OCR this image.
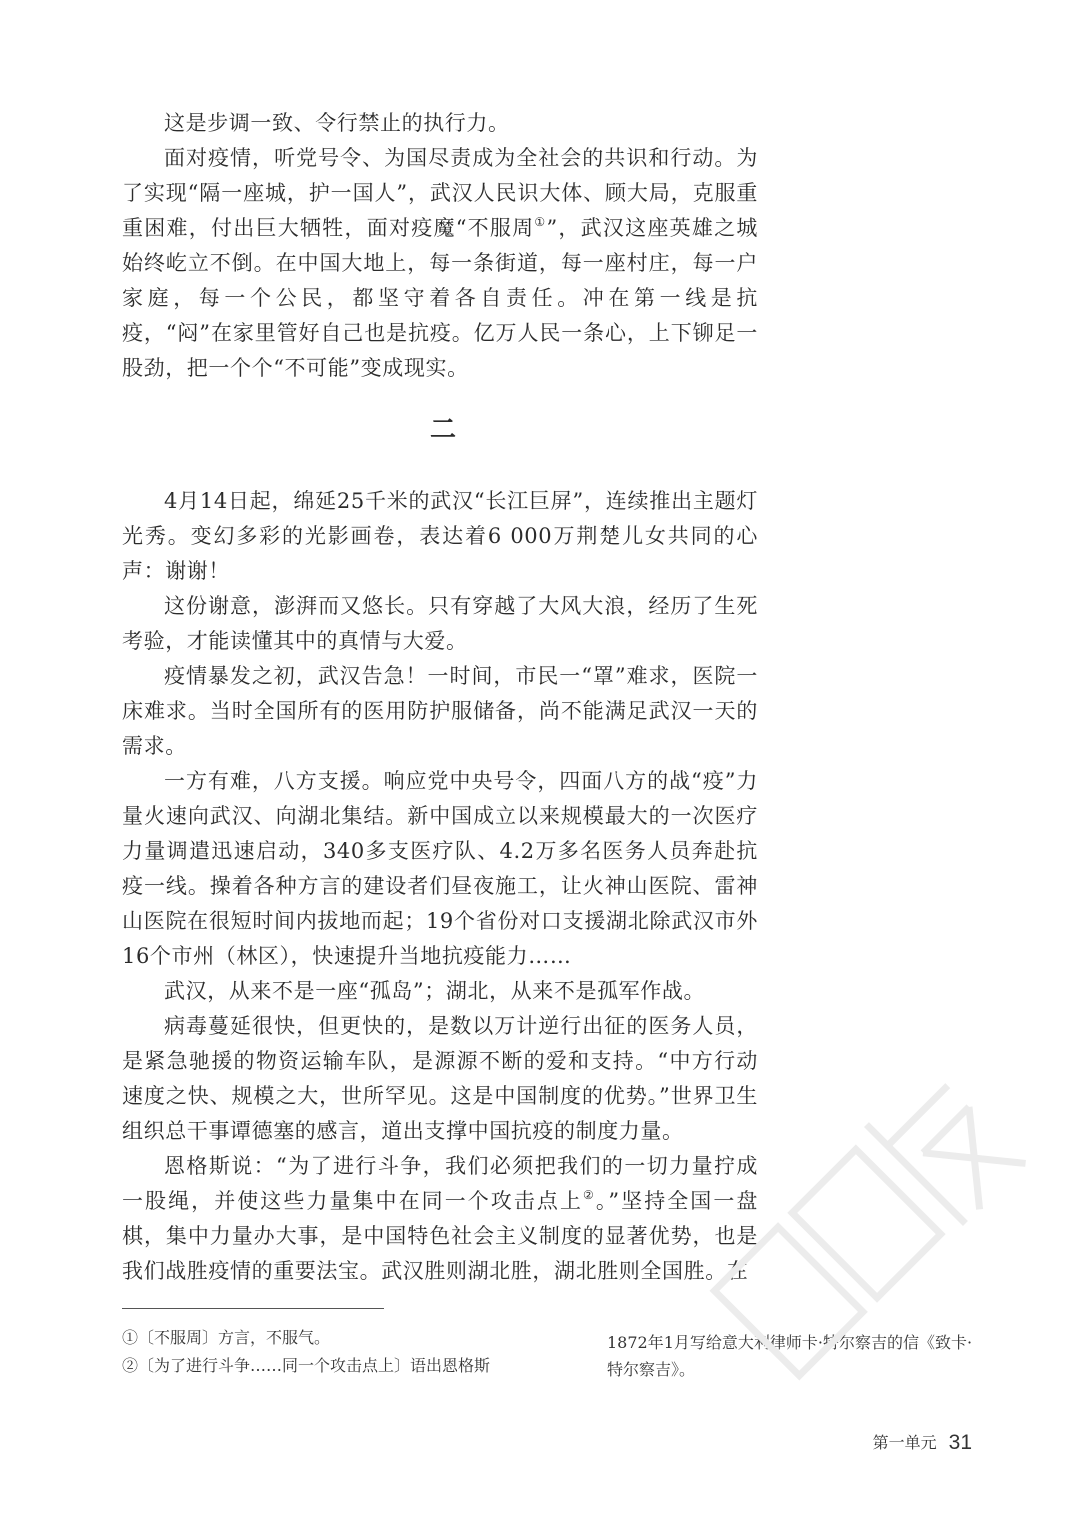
这是步调一致、令行禁止的执行力。

面对疫情，听党号令、为国尽责成为全社会的共识和行动。为了实现“隔一座城，护一国人”，武汉人民识大体、顾大局，克服重重困难，付出巨大牺牲，面对疫魔“不服周①”，武汉这座英雄之城始终屹立不倒。在中国大地上，每一条街道，每一座村庄，每一户家庭，每一个公民，都坚守着各自责任。冲在第一线是抗疫，“闷”在家里管好自己也是抗疫。亿万人民一条心，上下铆足一股劲，把一个个“不可能”变成现实。

二

4月14日起，绵延25千米的武汉“长江巨屏”，连续推出主题灯光秀。变幻多彩的光影画卷，表达着6 000万荆楚儿女共同的心声：谢谢！

这份谢意，澎湃而又悠长。只有穿越了大风大浪，经历了生死考验，才能读懂其中的真情与大爱。

疫情暴发之初，武汉告急！一时间，市民一“罩”难求，医院一床难求。当时全国所有的医用防护服储备，尚不能满足武汉一天的需求。

一方有难，八方支援。响应党中央号令，四面八方的战“疫”力量火速向武汉、向湖北集结。新中国成立以来规模最大的一次医疗力量调遣迅速启动，340多支医疗队、4.2万多名医务人员奔赴抗疫一线。操着各种方言的建设者们昼夜施工，让火神山医院、雷神山医院在很短时间内拔地而起；19个省份对口支援湖北除武汉市外16个市州（林区），快速提升当地抗疫能力……

武汉，从来不是一座“孤岛”；湖北，从来不是孤军作战。

病毒蔓延很快，但更快的，是数以万计逆行出征的医务人员，是紧急驰援的物资运输车队，是源源不断的爱和支持。“中方行动速度之快、规模之大，世所罕见。这是中国制度的优势。”世界卫生组织总干事谭德塞的感言，道出支撑中国抗疫的制度力量。

恩格斯说：“为了进行斗争，我们必须把我们的一切力量拧成一股绳，并使这些力量集中在同一个攻击点上②。”坚持全国一盘棋，集中力量办大事，是中国特色社会主义制度的显著优势，也是我们战胜疫情的重要法宝。武汉胜则湖北胜，湖北胜则全国胜。在

①〔不服周〕方言，不服气。
②〔为了进行斗争……同一个攻击点上〕语出恩格斯
1872年1月写给意大利律师卡·特尔察吉的信《致卡·特尔察吉》。
第一单元 31
